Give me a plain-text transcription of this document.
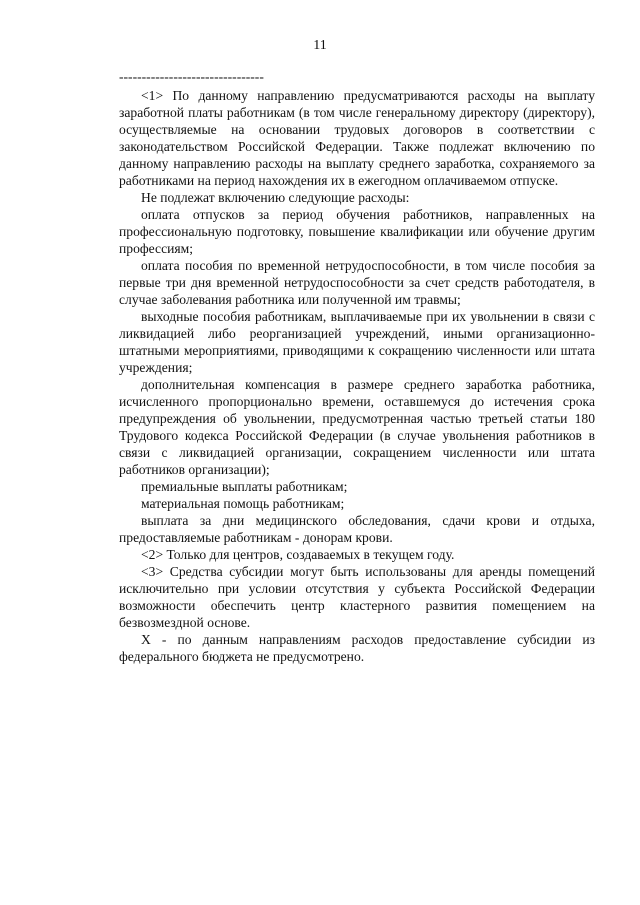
11
--------------------------------

<1> По данному направлению предусматриваются расходы на выплату заработной платы работникам (в том числе генеральному директору (директору), осуществляемые на основании трудовых договоров в соответствии с законодательством Российской Федерации. Также подлежат включению по данному направлению расходы на выплату среднего заработка, сохраняемого за работниками на период нахождения их в ежегодном оплачиваемом отпуске.

Не подлежат включению следующие расходы:

оплата отпусков за период обучения работников, направленных на профессиональную подготовку, повышение квалификации или обучение другим профессиям;

оплата пособия по временной нетрудоспособности, в том числе пособия за первые три дня временной нетрудоспособности за счет средств работодателя, в случае заболевания работника или полученной им травмы;

выходные пособия работникам, выплачиваемые при их увольнении в связи с ликвидацией либо реорганизацией учреждений, иными организационно-штатными мероприятиями, приводящими к сокращению численности или штата учреждения;

дополнительная компенсация в размере среднего заработка работника, исчисленного пропорционально времени, оставшемуся до истечения срока предупреждения об увольнении, предусмотренная частью третьей статьи 180 Трудового кодекса Российской Федерации (в случае увольнения работников в связи с ликвидацией организации, сокращением численности или штата работников организации);

премиальные выплаты работникам;

материальная помощь работникам;

выплата за дни медицинского обследования, сдачи крови и отдыха, предоставляемые работникам - донорам крови.

<2> Только для центров, создаваемых в текущем году.

<3> Средства субсидии могут быть использованы для аренды помещений исключительно при условии отсутствия у субъекта Российской Федерации возможности обеспечить центр кластерного развития помещением на безвозмездной основе.

X - по данным направлениям расходов предоставление субсидии из федерального бюджета не предусмотрено.
